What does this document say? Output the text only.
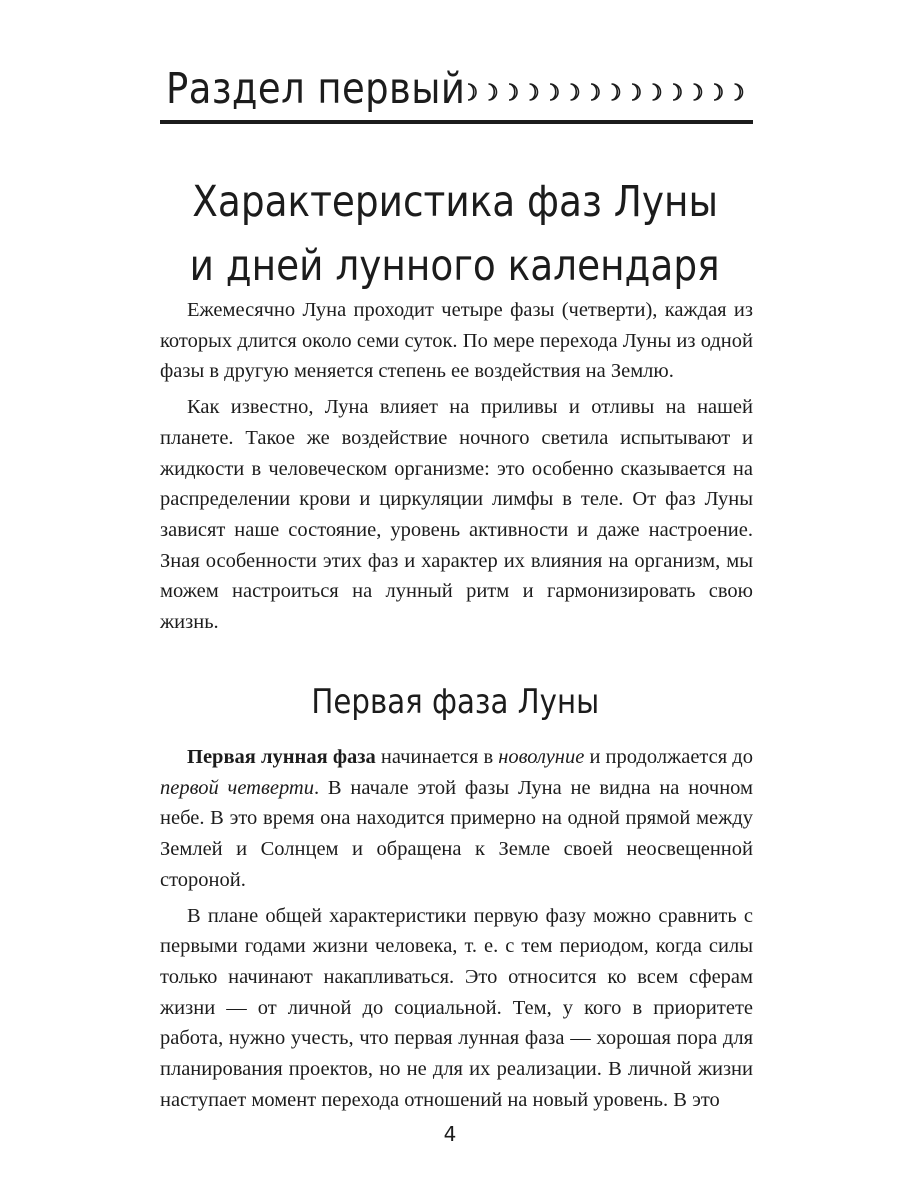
Раздел первый
Характеристика фаз Луны
и дней лунного календаря

Ежемесячно Луна проходит четыре фазы (четверти), каждая из которых длится около семи суток. По мере перехода Луны из одной фазы в другую меняется степень ее воздействия на Землю.

Как известно, Луна влияет на приливы и отливы на нашей планете. Такое же воздействие ночного светила испытывают и жидкости в человеческом организме: это особенно сказывается на распределении крови и циркуляции лимфы в теле. От фаз Луны зависят наше состояние, уровень активности и даже настроение. Зная особенности этих фаз и характер их влияния на организм, мы можем настроиться на лунный ритм и гармонизировать свою жизнь.

Первая фаза Луны

Первая лунная фаза начинается в новолуние и продолжается до первой четверти. В начале этой фазы Луна не видна на ночном небе. В это время она находится примерно на одной прямой между Землей и Солнцем и обращена к Земле своей неосвещенной стороной.

В плане общей характеристики первую фазу можно сравнить с первыми годами жизни человека, т. е. с тем периодом, когда силы только начинают накапливаться. Это относится ко всем сферам жизни — от личной до социальной. Тем, у кого в приоритете работа, нужно учесть, что первая лунная фаза — хорошая пора для планирования проектов, но не для их реализации. В личной жизни наступает момент перехода отношений на новый уровень. В это

4
